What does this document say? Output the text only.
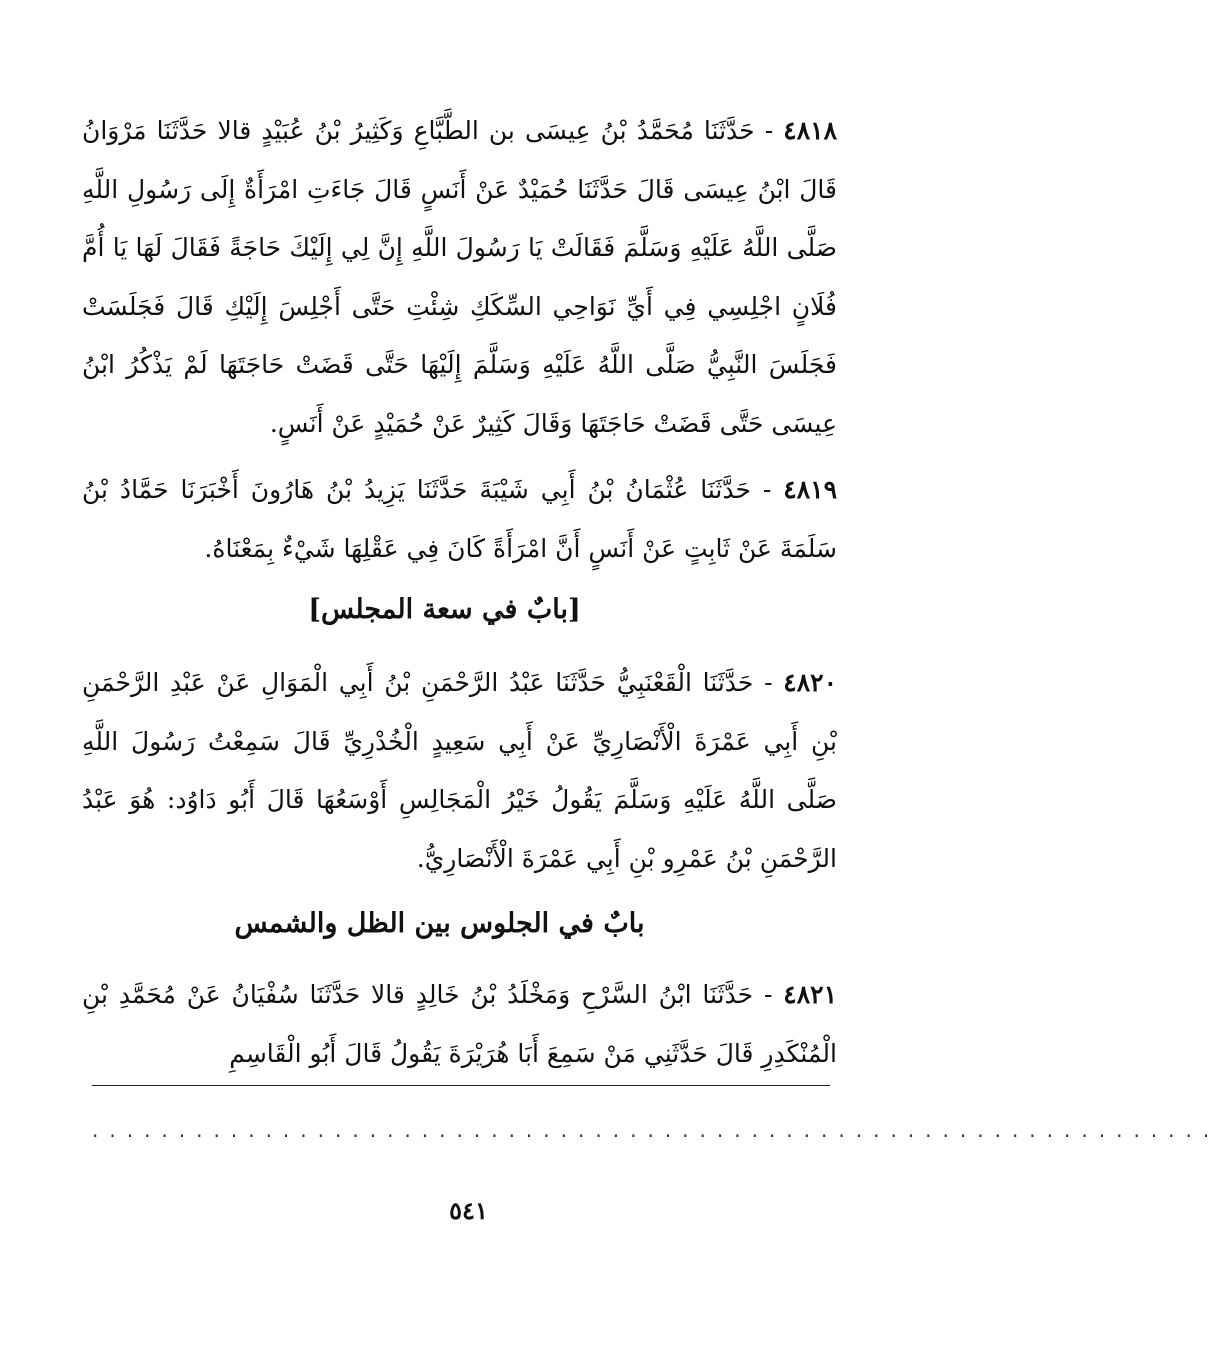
٤٨١٨ - حَدَّثَنَا مُحَمَّدُ بْنُ عِيسَى بن الطَّبَّاعِ وَكَثِيرُ بْنُ عُبَيْدٍ قالا حَدَّثَنَا مَرْوَانُ قَالَ ابْنُ عِيسَى قَالَ حَدَّثَنَا حُمَيْدٌ عَنْ أَنَسٍ قَالَ جَاءَتِ امْرَأَةٌ إِلَى رَسُولِ اللَّهِ صَلَّى اللَّهُ عَلَيْهِ وَسَلَّمَ فَقَالَتْ يَا رَسُولَ اللَّهِ إِنَّ لِي إِلَيْكَ حَاجَةً فَقَالَ لَهَا يَا أُمَّ فُلَانٍ اجْلِسِي فِي أَيِّ نَوَاحِي السِّكَكِ شِئْتِ حَتَّى أَجْلِسَ إِلَيْكِ قَالَ فَجَلَسَتْ فَجَلَسَ النَّبِيُّ صَلَّى اللَّهُ عَلَيْهِ وَسَلَّمَ إِلَيْهَا حَتَّى قَضَتْ حَاجَتَهَا لَمْ يَذْكُرُ ابْنُ عِيسَى حَتَّى قَضَتْ حَاجَتَهَا وَقَالَ كَثِيرٌ عَنْ حُمَيْدٍ عَنْ أَنَسٍ.

٤٨١٩ - حَدَّثَنَا عُثْمَانُ بْنُ أَبِي شَيْبَةَ حَدَّثَنَا يَزِيدُ بْنُ هَارُونَ أَخْبَرَنَا حَمَّادُ بْنُ سَلَمَةَ عَنْ ثَابِتٍ عَنْ أَنَسٍ أَنَّ امْرَأَةً كَانَ فِي عَقْلِهَا شَيْءٌ بِمَعْنَاهُ.

[بابٌ في سعة المجلس]

٤٨٢٠ - حَدَّثَنَا الْقَعْنَبِيُّ حَدَّثَنَا عَبْدُ الرَّحْمَنِ بْنُ أَبِي الْمَوَالِ عَنْ عَبْدِ الرَّحْمَنِ بْنِ أَبِي عَمْرَةَ الْأَنْصَارِيِّ عَنْ أَبِي سَعِيدٍ الْخُدْرِيِّ قَالَ سَمِعْتُ رَسُولَ اللَّهِ صَلَّى اللَّهُ عَلَيْهِ وَسَلَّمَ يَقُولُ خَيْرُ الْمَجَالِسِ أَوْسَعُهَا قَالَ أَبُو دَاوُد: هُوَ عَبْدُ الرَّحْمَنِ بْنُ عَمْرِو بْنِ أَبِي عَمْرَةَ الْأَنْصَارِيُّ.

بابٌ في الجلوس بين الظل والشمس

٤٨٢١ - حَدَّثَنَا ابْنُ السَّرْحِ وَمَخْلَدُ بْنُ خَالِدٍ قالا حَدَّثَنَا سُفْيَانُ عَنْ مُحَمَّدِ بْنِ الْمُنْكَدِرِ قَالَ حَدَّثَنِي مَنْ سَمِعَ أَبَا هُرَيْرَةَ يَقُولُ قَالَ أَبُو الْقَاسِمِ

.................................................................
٥٤١
